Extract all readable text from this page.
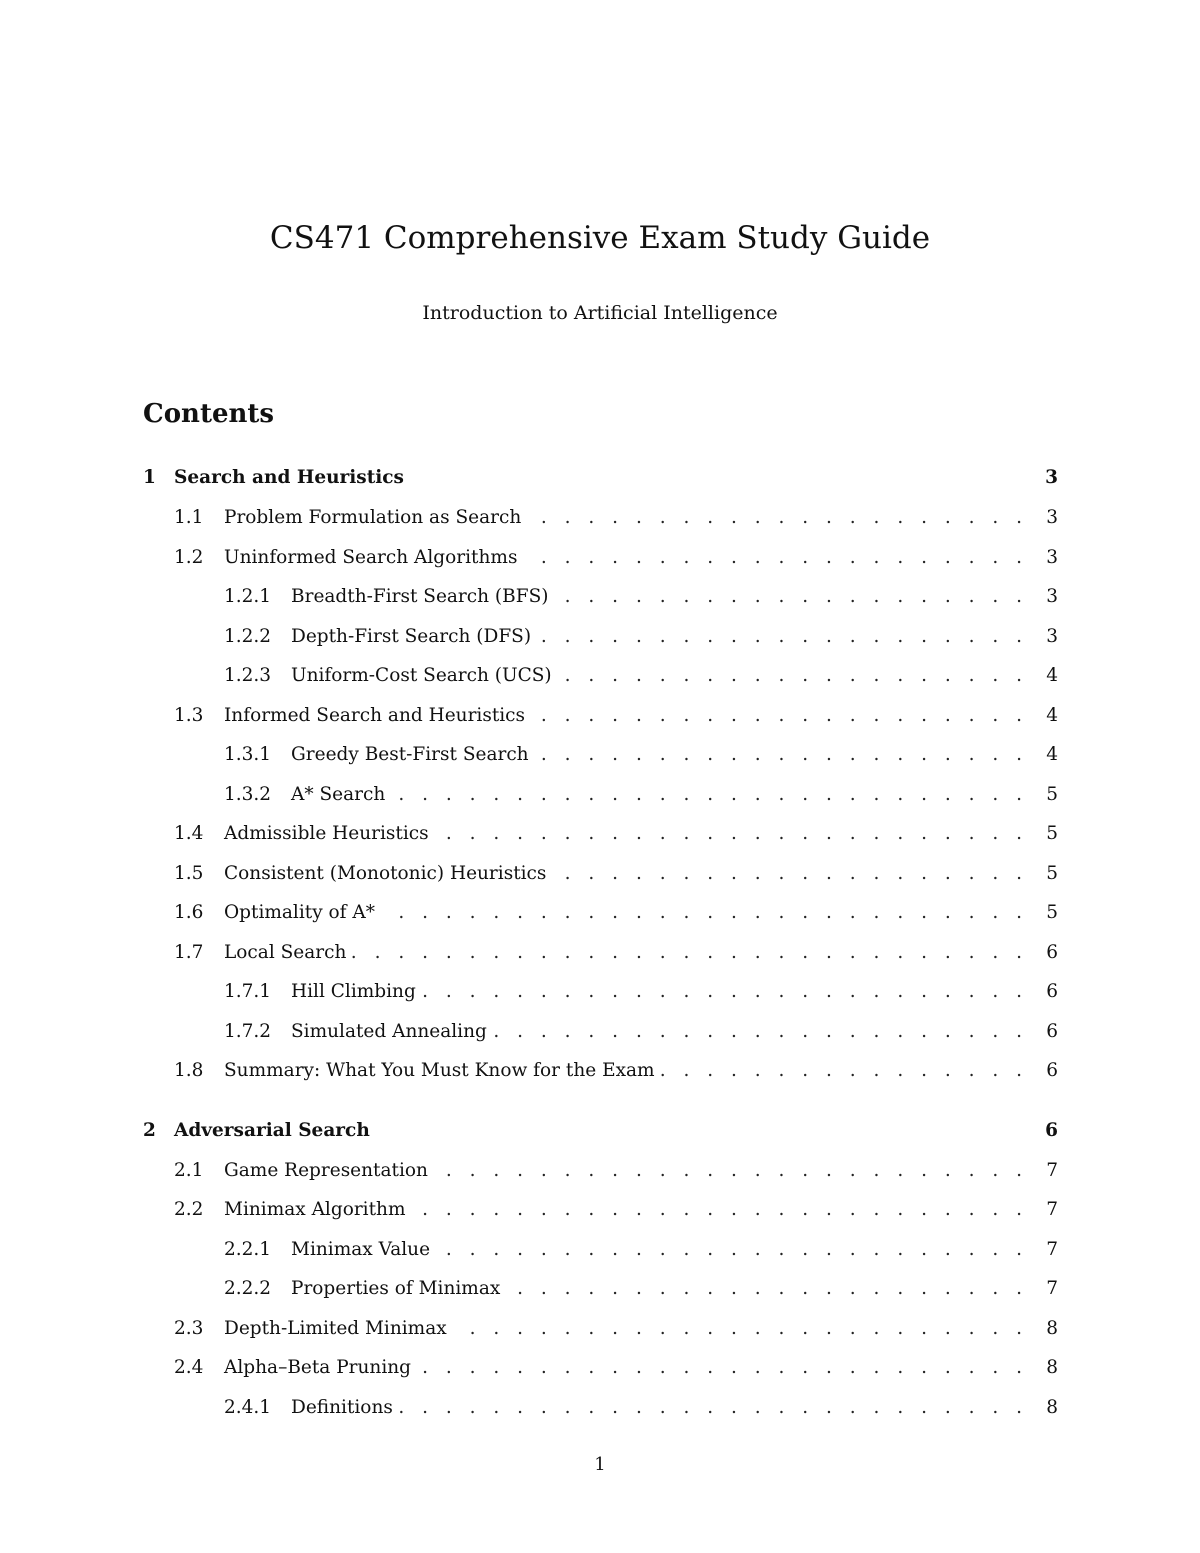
CS471 Comprehensive Exam Study Guide
Introduction to Artificial Intelligence
Contents
1 Search and Heuristics	3
1.1	Problem Formulation as Search . . .	3
1.2	Uninformed Search Algorithms . . .	3
1.2.1	Breadth-First Search (BFS) . . .	3
1.2.2	Depth-First Search (DFS) . . .	3
1.2.3	Uniform-Cost Search (UCS) . . .	4
1.3	Informed Search and Heuristics . . .	4
1.3.1	Greedy Best-First Search . . .	4
1.3.2	A* Search . . .	5
1.4	Admissible Heuristics . . .	5
1.5	Consistent (Monotonic) Heuristics . . .	5
1.6	Optimality of A* . . .	5
1.7	Local Search . . .	6
1.7.1	Hill Climbing . . .	6
1.7.2	Simulated Annealing . . .	6
1.8	Summary: What You Must Know for the Exam . . .	6
2 Adversarial Search	6
2.1	Game Representation . . .	7
2.2	Minimax Algorithm . . .	7
2.2.1	Minimax Value . . .	7
2.2.2	Properties of Minimax . . .	7
2.3	Depth-Limited Minimax . . .	8
2.4	Alpha–Beta Pruning . . .	8
2.4.1	Definitions . . .	8
1
